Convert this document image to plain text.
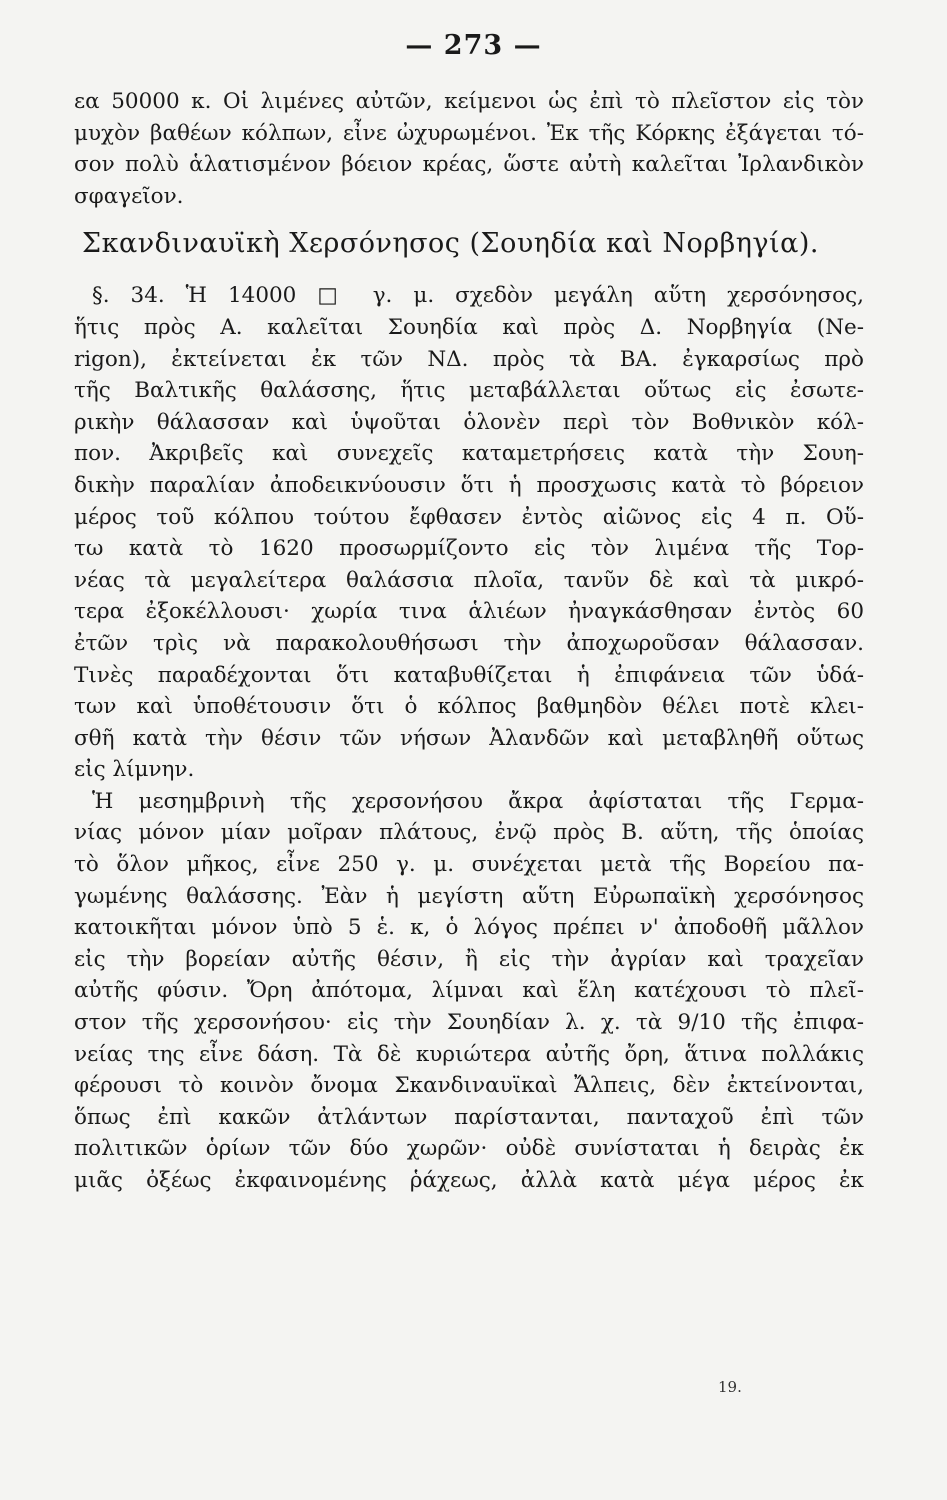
— 273 —
εα 50000 κ. Οἱ λιμένες αὐτῶν, κείμενοι ὡς ἐπὶ τὸ πλεῖστον εἰς τὸν
μυχὸν βαθέων κόλπων, εἶνε ὠχυρωμένοι. Ἐκ τῆς Κόρκης ἐξάγεται τό-
σον πολὺ ἁλατισμένον βόειον κρέας, ὥστε αὐτὴ καλεῖται Ἰρλανδικὸν
σφαγεῖον.
Σκανδιναυϊκὴ Χερσόνησος (Σουηδία καὶ Νορβηγία).
§. 34. Ἡ 14000 □ γ. μ. σχεδὸν μεγάλη αὕτη χερσόνησος,
ἥτις πρὸς Α. καλεῖται Σουηδία καὶ πρὸς Δ. Νορβηγία (Ne-
rigon), ἐκτείνεται ἐκ τῶν ΝΔ. πρὸς τὰ ΒΑ. ἐγκαρσίως πρὸ
τῆς Βαλτικῆς θαλάσσης, ἥτις μεταβάλλεται οὕτως εἰς ἐσωτε-
ρικὴν θάλασσαν καὶ ὑψοῦται ὁλονὲν περὶ τὸν Βοθνικὸν κόλ-
πον. Ἀκριβεῖς καὶ συνεχεῖς καταμετρήσεις κατὰ τὴν Σουη-
δικὴν παραλίαν ἀποδεικνύουσιν ὅτι ἡ προσχωσις κατὰ τὸ βόρειον
μέρος τοῦ κόλπου τούτου ἔφθασεν ἐντὸς αἰῶνος εἰς 4 π. Οὕ-
τω κατὰ τὸ 1620 προσωρμίζοντο εἰς τὸν λιμένα τῆς Τορ-
νέας τὰ μεγαλείτερα θαλάσσια πλοῖα, τανῦν δὲ καὶ τὰ μικρό-
τερα ἐξοκέλλουσι· χωρία τινα ἁλιέων ἠναγκάσθησαν ἐντὸς 60
ἐτῶν τρὶς νὰ παρακολουθήσωσι τὴν ἀποχωροῦσαν θάλασσαν.
Τινὲς παραδέχονται ὅτι καταβυθίζεται ἡ ἐπιφάνεια τῶν ὑδά-
των καὶ ὑποθέτουσιν ὅτι ὁ κόλπος βαθμηδὸν θέλει ποτὲ κλει-
σθῆ κατὰ τὴν θέσιν τῶν νήσων Ἀλανδῶν καὶ μεταβληθῆ οὕτως
εἰς λίμνην.
Ἡ μεσημβρινὴ τῆς χερσονήσου ἄκρα ἀφίσταται τῆς Γερμα-
νίας μόνον μίαν μοῖραν πλάτους, ἐνῷ πρὸς Β. αὕτη, τῆς ὁποίας
τὸ ὅλον μῆκος, εἶνε 250 γ. μ. συνέχεται μετὰ τῆς Βορείου πα-
γωμένης θαλάσσης. Ἐὰν ἡ μεγίστη αὕτη Εὐρωπαϊκὴ χερσόνησος
κατοικῆται μόνον ὑπὸ 5 ἑ. κ, ὁ λόγος πρέπει ν' ἀποδοθῆ μᾶλλον
εἰς τὴν βορείαν αὐτῆς θέσιν, ἢ εἰς τὴν ἀγρίαν καὶ τραχεῖαν
αὐτῆς φύσιν. Ὄρη ἀπότομα, λίμναι καὶ ἕλη κατέχουσι τὸ πλεῖ-
στον τῆς χερσονήσου· εἰς τὴν Σουηδίαν λ. χ. τὰ 9/10 τῆς ἐπιφα-
νείας της εἶνε δάση. Τὰ δὲ κυριώτερα αὐτῆς ὄρη, ἅτινα πολλάκις
φέρουσι τὸ κοινὸν ὄνομα Σκανδιναυϊκαὶ Ἄλπεις, δὲν ἐκτείνονται,
ὅπως ἐπὶ κακῶν ἀτλάντων παρίστανται, πανταχοῦ ἐπὶ τῶν
πολιτικῶν ὁρίων τῶν δύο χωρῶν· οὐδὲ συνίσταται ἡ δειρὰς ἐκ
μιᾶς ὀξέως ἐκφαινομένης ῥάχεως, ἀλλὰ κατὰ μέγα μέρος ἐκ
19.
